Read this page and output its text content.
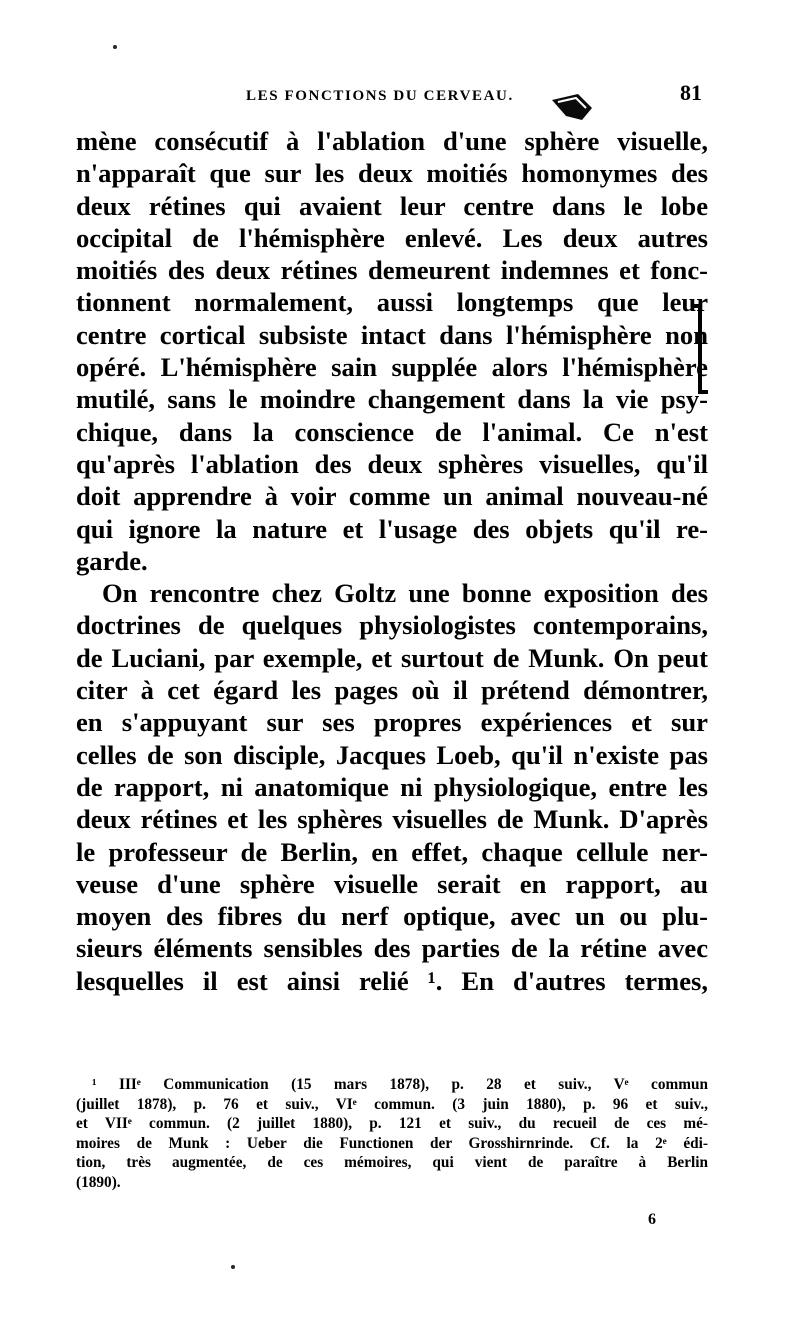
LES FONCTIONS DU CERVEAU.	81
mène consécutif à l'ablation d'une sphère visuelle,
n'apparaît que sur les deux moitiés homonymes des
deux rétines qui avaient leur centre dans le lobe
occipital de l'hémisphère enlevé. Les deux autres
moitiés des deux rétines demeurent indemnes et fonc-
tionnent normalement, aussi longtemps que leur
centre cortical subsiste intact dans l'hémisphère non
opéré. L'hémisphère sain supplée alors l'hémisphère
mutilé, sans le moindre changement dans la vie psy-
chique, dans la conscience de l'animal. Ce n'est
qu'après l'ablation des deux sphères visuelles, qu'il
doit apprendre à voir comme un animal nouveau-né
qui ignore la nature et l'usage des objets qu'il re-
garde.
On rencontre chez Goltz une bonne exposition des
doctrines de quelques physiologistes contemporains,
de Luciani, par exemple, et surtout de Munk. On peut
citer à cet égard les pages où il prétend démontrer,
en s'appuyant sur ses propres expériences et sur
celles de son disciple, Jacques Loeb, qu'il n'existe pas
de rapport, ni anatomique ni physiologique, entre les
deux rétines et les sphères visuelles de Munk. D'après
le professeur de Berlin, en effet, chaque cellule ner-
veuse d'une sphère visuelle serait en rapport, au
moyen des fibres du nerf optique, avec un ou plu-
sieurs éléments sensibles des parties de la rétine avec
lesquelles il est ainsi relié ¹. En d'autres termes,
¹ IIIᵉ Communication (15 mars 1878), p. 28 et suiv., Vᵉ commun
(juillet 1878), p. 76 et suiv., VIᵉ commun. (3 juin 1880), p. 96 et suiv.,
et VIIᵉ commun. (2 juillet 1880), p. 121 et suiv., du recueil de ces mé-
moires de Munk : Ueber die Functionen der Grosshirnrinde. Cf. la 2ᵉ édi-
tion, très augmentée, de ces mémoires, qui vient de paraître à Berlin
(1890).
6
